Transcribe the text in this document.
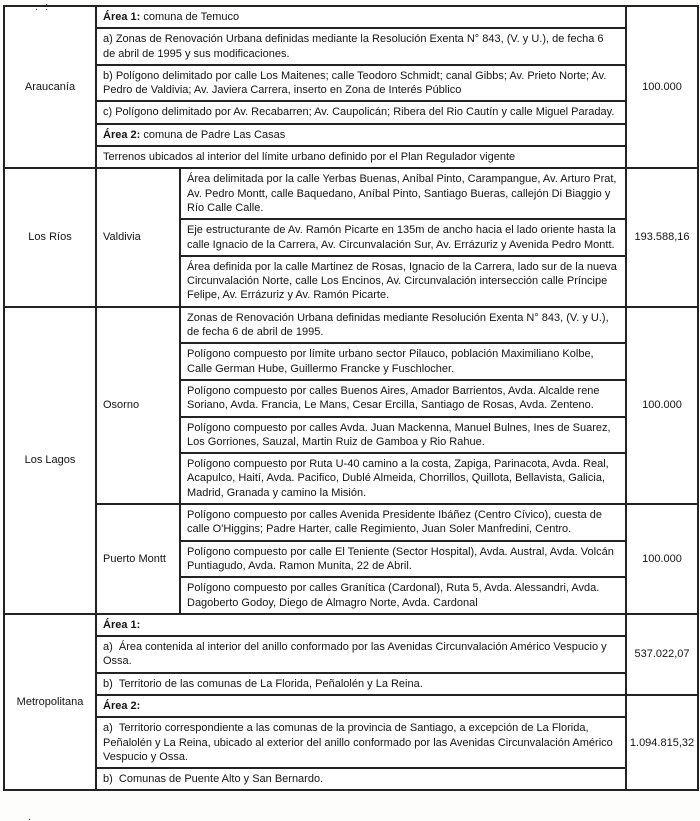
. :
Araucanía	Área 1: comuna de Temuco		100.000
	a) Zonas de Renovación Urbana definidas mediante la Resolución Exenta N° 843, (V. y U.), de fecha 6 de abril de 1995 y sus modificaciones.		
	b) Polígono delimitado por calle Los Maitenes; calle Teodoro Schmidt; canal Gibbs; Av. Prieto Norte; Av. Pedro de Valdivia; Av. Javiera Carrera, inserto en Zona de Interés Público		
	c) Polígono delimitado por Av. Recabarren; Av. Caupolicán; Ribera del Rio Cautín y calle Miguel Paraday.		
	Área 2: comuna de Padre Las Casas		
	Terrenos ubicados al interior del límite urbano definido por el Plan Regulador vigente		
Los Ríos	Valdivia	Área delimitada por la calle Yerbas Buenas, Aníbal Pinto, Carampangue, Av. Arturo Prat, Av. Pedro Montt, calle Baquedano, Aníbal Pinto, Santiago Bueras, callejón Di Biaggio y Río Calle Calle.	193.588,16
		Eje estructurante de Av. Ramón Picarte en 135m de ancho hacia el lado oriente hasta la calle Ignacio de la Carrera, Av. Circunvalación Sur, Av. Errázuriz y Avenida Pedro Montt.	
		Área definida por la calle Martinez de Rosas, Ignacio de la Carrera, lado sur de la nueva Circunvalación Norte, calle Los Encinos, Av. Circunvalación intersección calle Príncipe Felipe, Av. Errázuriz y Av. Ramón Picarte.	
Los Lagos	Osorno	Zonas de Renovación Urbana definidas mediante Resolución Exenta N° 843, (V. y U.), de fecha 6 de abril de 1995.	100.000
		Polígono compuesto por límite urbano sector Pilauco, población Maximiliano Kolbe, Calle German Hube, Guillermo Francke y Fuschlocher.	
		Polígono compuesto por calles Buenos Aires, Amador Barrientos, Avda. Alcalde rene Soriano, Avda. Francia, Le Mans, Cesar Ercilla, Santiago de Rosas, Avda. Zenteno.	
		Polígono compuesto por calles Avda. Juan Mackenna, Manuel Bulnes, Ines de Suarez, Los Gorriones, Sauzal, Martin Ruiz de Gamboa y Rio Rahue.	
		Polígono compuesto por Ruta U-40 camino a la costa, Zapiga, Parinacota, Avda. Real, Acapulco, Haití, Avda. Pacifico, Dublé Almeida, Chorrillos, Quillota, Bellavista, Galicia, Madrid, Granada y camino la Misión.	
	Puerto Montt	Polígono compuesto por calles Avenida Presidente Ibáñez (Centro Cívico), cuesta de calle O'Higgins; Padre Harter, calle Regimiento, Juan Soler Manfredini, Centro.	100.000
		Polígono compuesto por calle El Teniente (Sector Hospital), Avda. Austral, Avda. Volcán Puntiagudo, Avda. Ramon Munita, 22 de Abril.	
		Polígono compuesto por calles Granítica (Cardonal), Ruta 5, Avda. Alessandri, Avda. Dagoberto Godoy, Diego de Almagro Norte, Avda. Cardonal	
Metropolitana	Área 1:		537.022,07
	a)  Área contenida al interior del anillo conformado por las Avenidas Circunvalación Américo Vespucio y Ossa.		
	b)  Territorio de las comunas de La Florida, Peñalolén y La Reina.		
	Área 2:		1.094.815,32
	a)  Territorio correspondiente a las comunas de la provincia de Santiago, a excepción de La Florida, Peñalolén y La Reina, ubicado al exterior del anillo conformado por las Avenidas Circunvalación Américo Vespucio y Ossa.		
	b)  Comunas de Puente Alto y San Bernardo.		
.
